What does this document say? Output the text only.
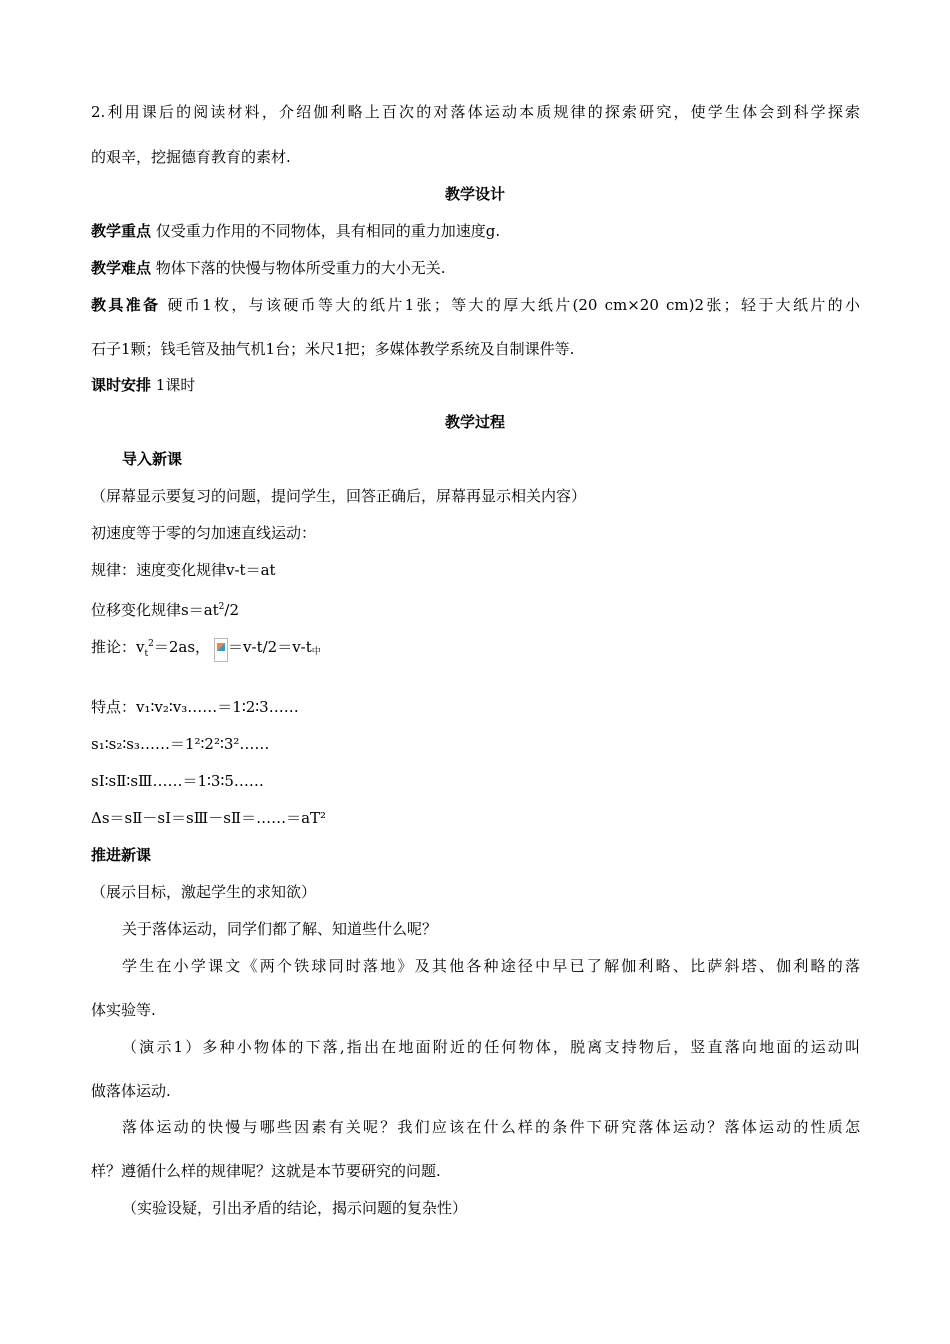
2.利用课后的阅读材料，介绍伽利略上百次的对落体运动本质规律的探索研究，使学生体会到科学探索
的艰辛，挖掘德育教育的素材.
教学设计
教学重点 仅受重力作用的不同物体，具有相同的重力加速度g.
教学难点 物体下落的快慢与物体所受重力的大小无关.
教具准备 硬币1枚，与该硬币等大的纸片1张；等大的厚大纸片(20 cm×20 cm)2张；轻于大纸片的小
石子1颗；钱毛管及抽气机1台；米尺1把；多媒体教学系统及自制课件等.
课时安排 1课时
教学过程
导入新课
（屏幕显示要复习的问题，提问学生，回答正确后，屏幕再显示相关内容）
初速度等于零的匀加速直线运动：
规律：速度变化规律v-t＝at
位移变化规律$s=at^2/2$
推论：$v_t^2=2as$， ＝v-t/2＝v-t中
特点：v₁∶v₂∶v₃……＝1∶2∶3……
s₁∶s₂∶s₃……＝1²∶2²∶3²……
sⅠ∶sⅡ∶sⅢ……＝1∶3∶5……
Δs＝sⅡ－sⅠ＝sⅢ－sⅡ＝……＝aT²
推进新课
（展示目标，激起学生的求知欲）
关于落体运动，同学们都了解、知道些什么呢？
学生在小学课文《两个铁球同时落地》及其他各种途径中早已了解伽利略、比萨斜塔、伽利略的落
体实验等.
（演示1）多种小物体的下落,指出在地面附近的任何物体，脱离支持物后，竖直落向地面的运动叫
做落体运动.
落体运动的快慢与哪些因素有关呢？我们应该在什么样的条件下研究落体运动？落体运动的性质怎
样？遵循什么样的规律呢？这就是本节要研究的问题.
（实验设疑，引出矛盾的结论，揭示问题的复杂性）
